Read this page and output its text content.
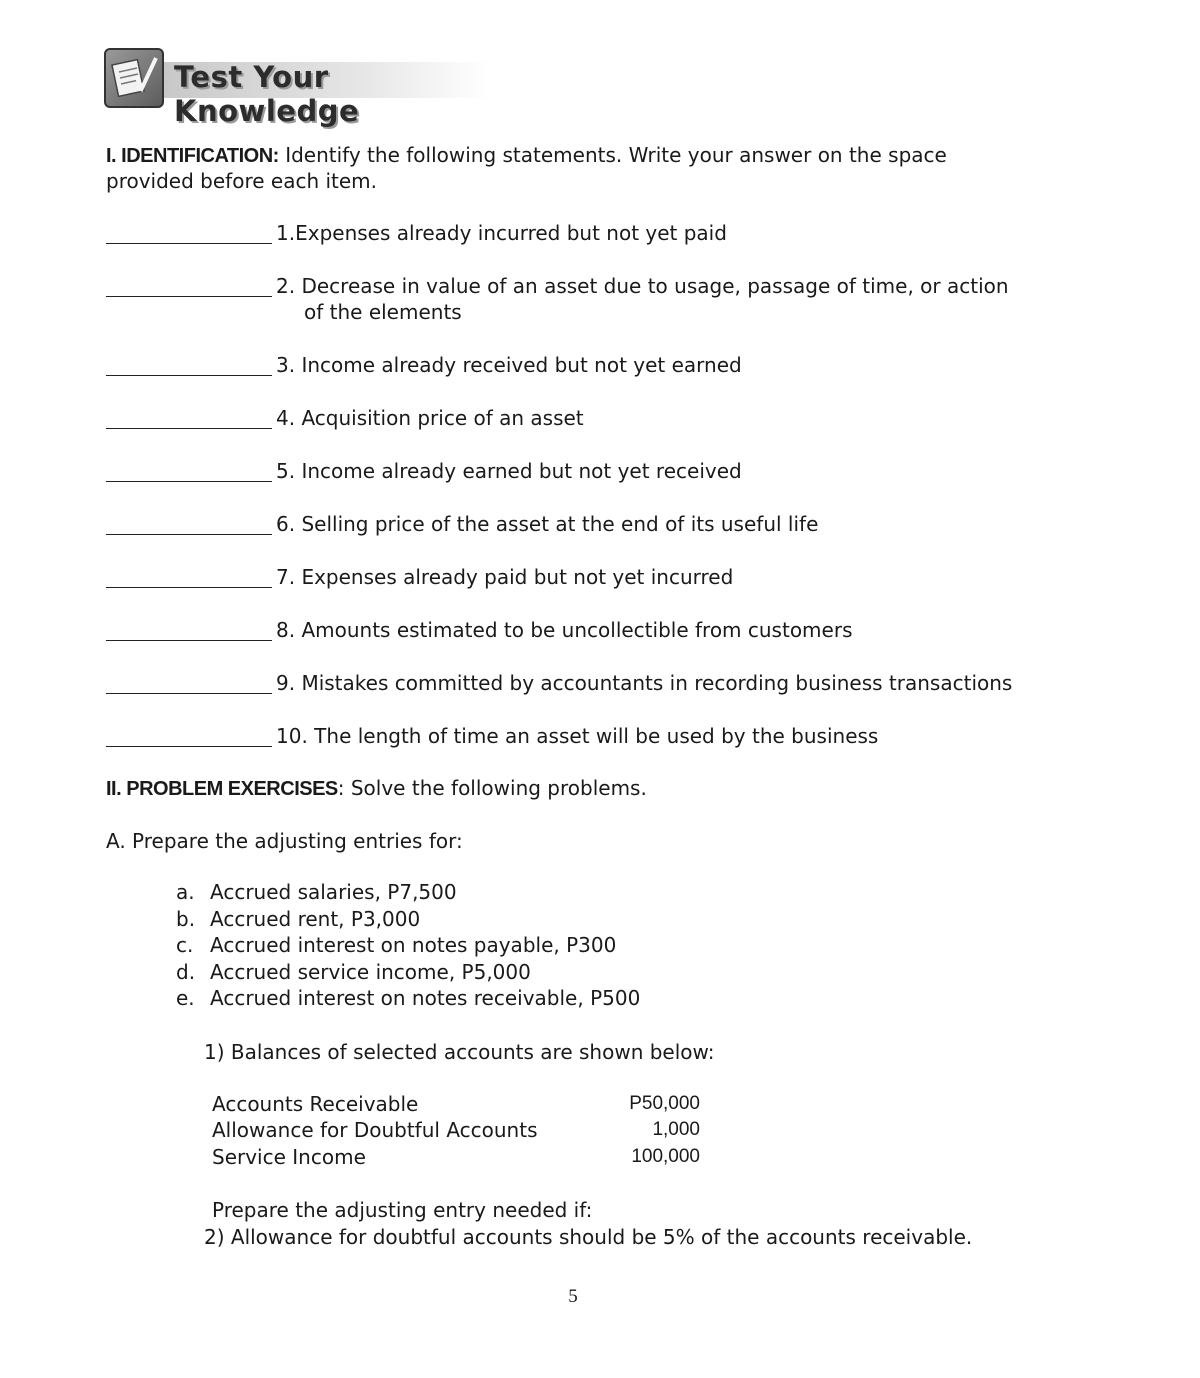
Test Your Knowledge
I. IDENTIFICATION: Identify the following statements. Write your answer on the space
provided before each item.
1.Expenses already incurred but not yet paid
2. Decrease in value of an asset due to usage, passage of time, or action
of the elements
3. Income already received but not yet earned
4. Acquisition price of an asset
5. Income already earned but not yet received
6. Selling price of the asset at the end of its useful life
7. Expenses already paid but not yet incurred
8. Amounts estimated to be uncollectible from customers
9. Mistakes committed by accountants in recording business transactions
10. The length of time an asset will be used by the business
II. PROBLEM EXERCISES: Solve the following problems.
A. Prepare the adjusting entries for:
a. Accrued salaries, P7,500
b. Accrued rent, P3,000
c. Accrued interest on notes payable, P300
d. Accrued service income, P5,000
e. Accrued interest on notes receivable, P500
1) Balances of selected accounts are shown below:
Accounts Receivable	P50,000
Allowance for Doubtful Accounts	1,000
Service Income	100,000
Prepare the adjusting entry needed if:
2) Allowance for doubtful accounts should be 5% of the accounts receivable.
5
